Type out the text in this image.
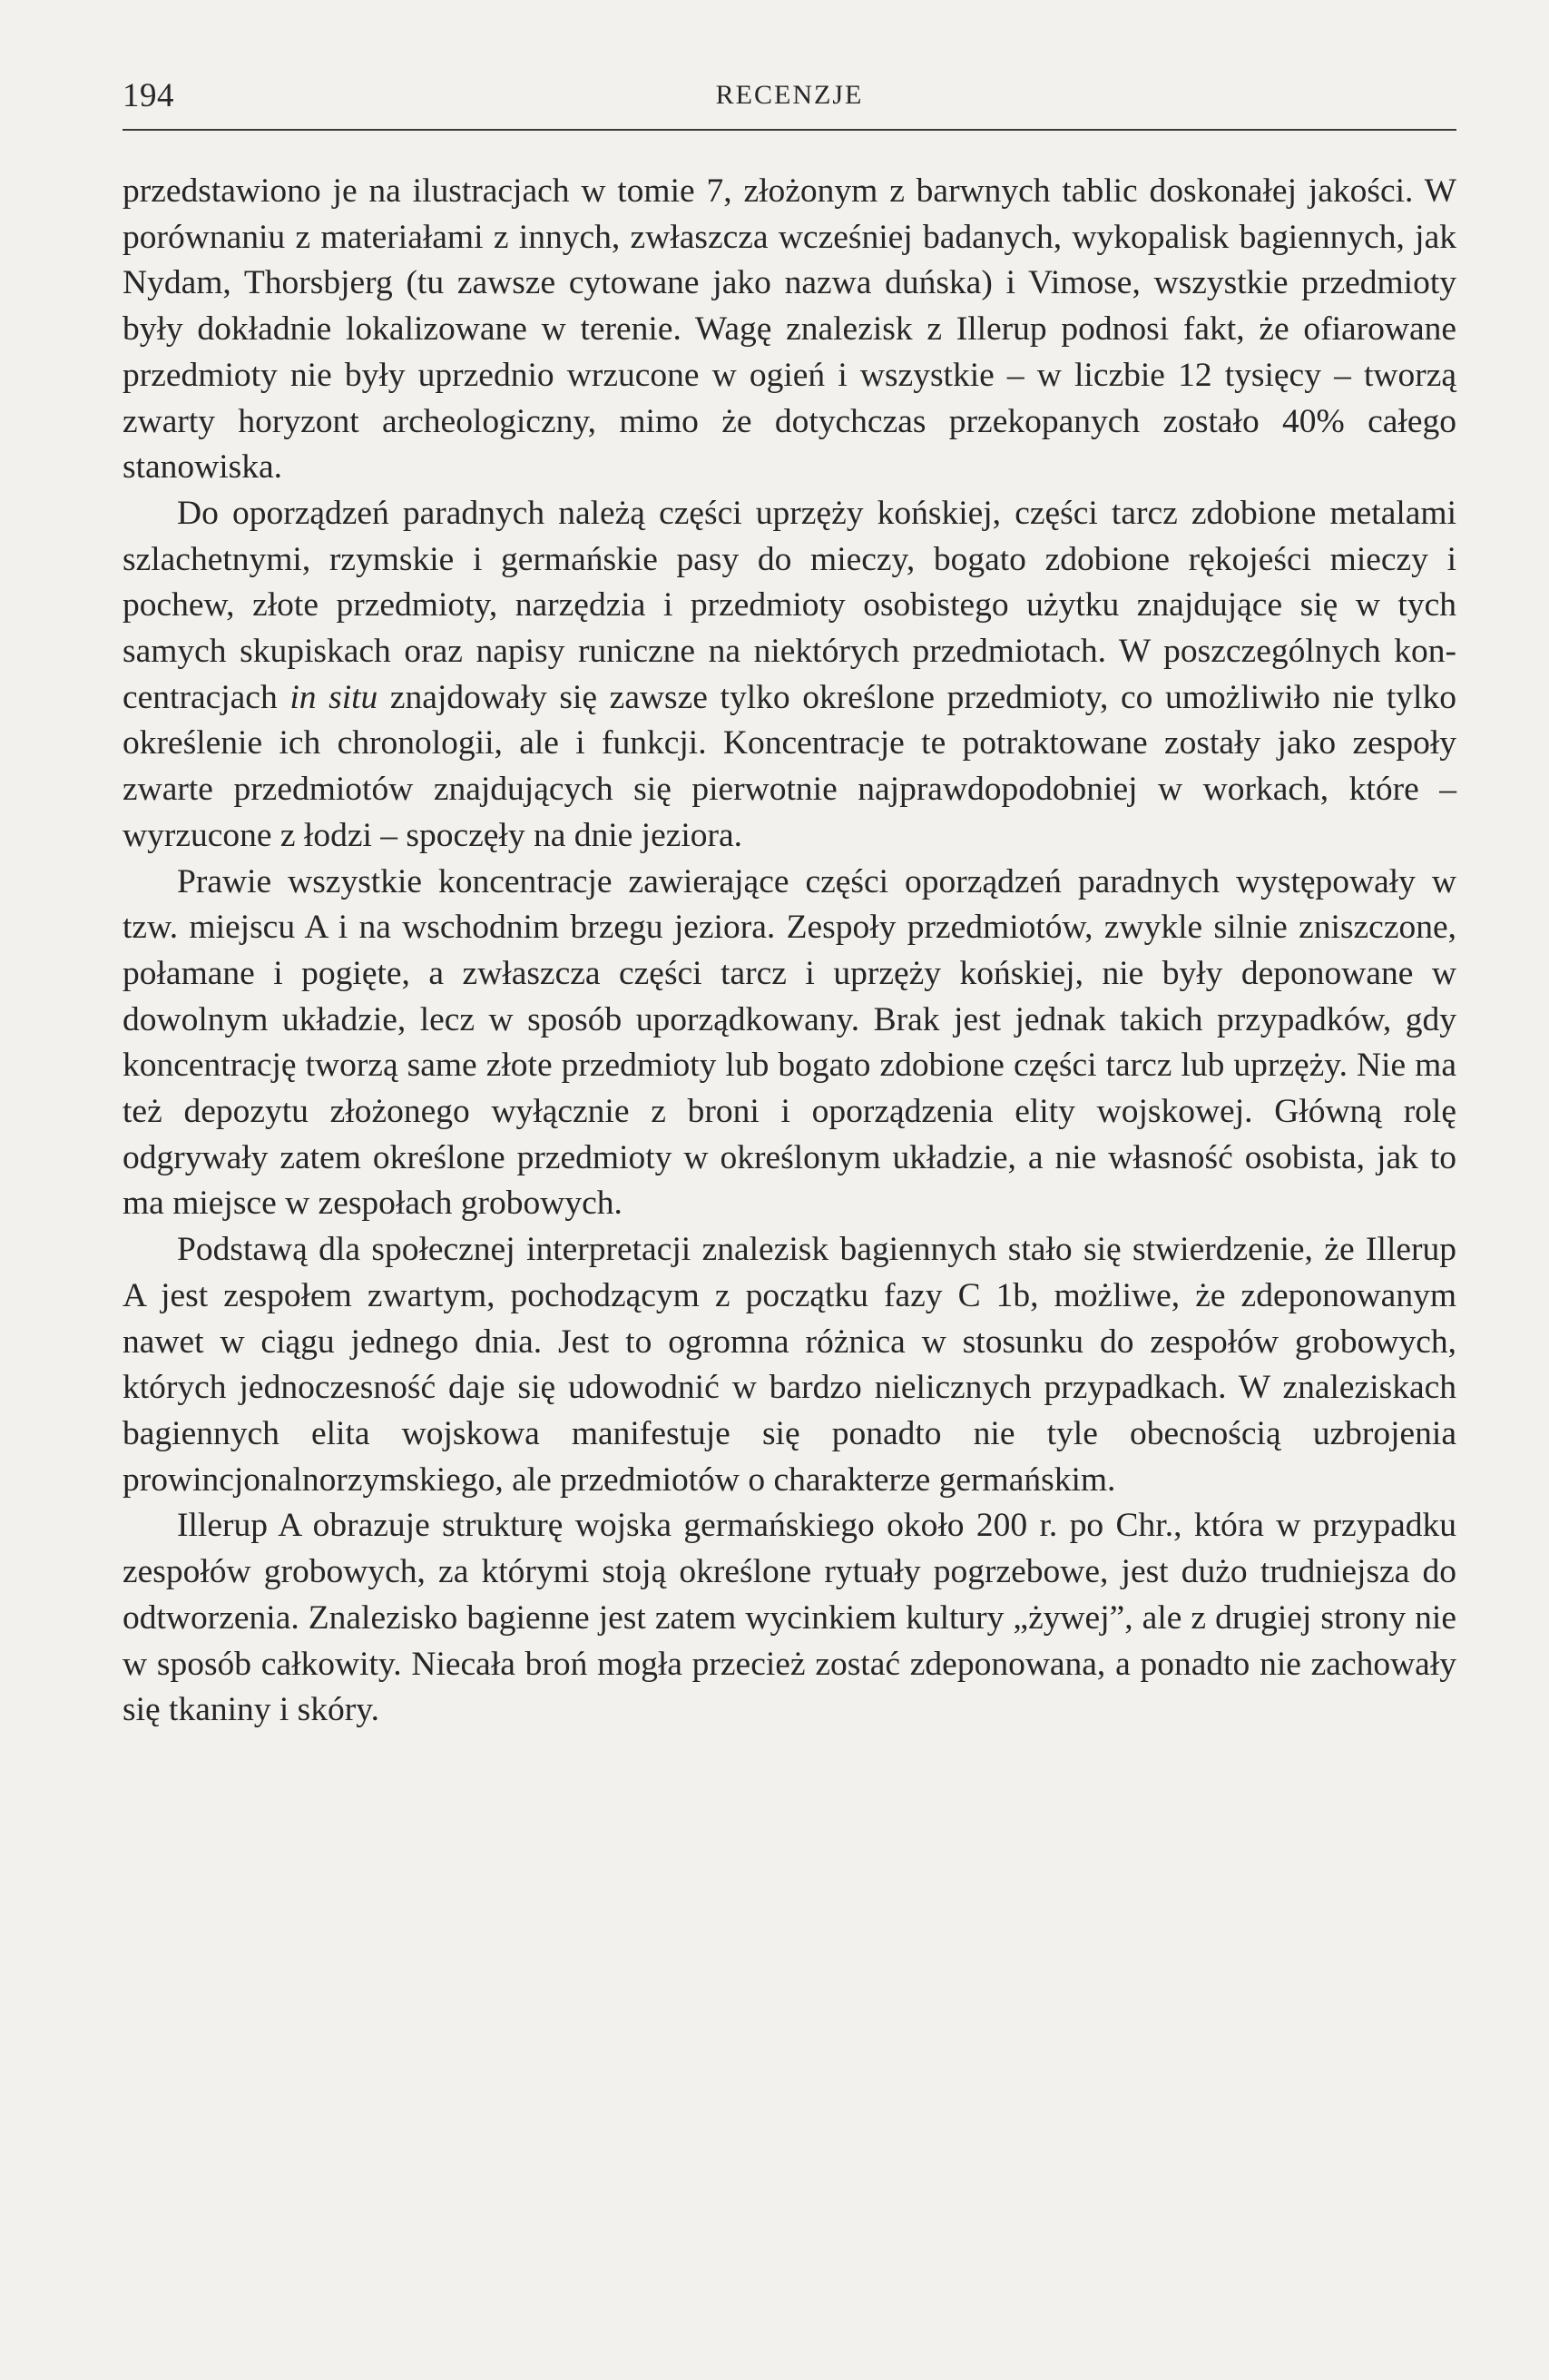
194	RECENZJE

przedstawiono je na ilustracjach w tomie 7, złożonym z barwnych tablic doskonałej jakości. W porównaniu z materiałami z innych, zwłaszcza wcześniej badanych, wykopalisk bagiennych, jak Nydam, Thorsbjerg (tu zawsze cytowane jako nazwa duńska) i Vimose, wszystkie przedmioty były dokładnie lokalizowane w terenie. Wagę znalezisk z Illerup podnosi fakt, że ofiarowane przedmioty nie były uprzednio wrzucone w ogień i wszystkie – w liczbie 12 tysięcy – tworzą zwarty horyzont archeologiczny, mimo że dotychczas przekopanych zostało 40% całego stanowiska.

Do oporządzeń paradnych należą części uprzęży końskiej, części tarcz zdobione metalami szlachetnymi, rzymskie i germańskie pasy do mieczy, bogato zdobione rękojeści mieczy i pochew, złote przedmioty, narzędzia i przedmioty osobistego użytku znajdujące się w tych samych skupiskach oraz napisy runiczne na niektórych przedmiotach. W poszczególnych koncentracjach in situ znajdowały się zawsze tylko określone przedmioty, co umożliwiło nie tylko określenie ich chronologii, ale i funkcji. Koncentracje te potraktowane zostały jako zespoły zwarte przedmiotów znajdujących się pierwotnie najprawdopodobniej w workach, które – wyrzucone z łodzi – spoczęły na dnie jeziora.

Prawie wszystkie koncentracje zawierające części oporządzeń paradnych występowały w tzw. miejscu A i na wschodnim brzegu jeziora. Zespoły przedmiotów, zwykle silnie zniszczone, połamane i pogięte, a zwłaszcza części tarcz i uprzęży końskiej, nie były deponowane w dowolnym układzie, lecz w sposób uporządkowany. Brak jest jednak takich przypadków, gdy koncentrację tworzą same złote przedmioty lub bogato zdobione części tarcz lub uprzęży. Nie ma też depozytu złożonego wyłącznie z broni i oporządzenia elity wojskowej. Główną rolę odgrywały zatem określone przedmioty w określonym układzie, a nie własność osobista, jak to ma miejsce w zespołach grobowych.

Podstawą dla społecznej interpretacji znalezisk bagiennych stało się stwierdzenie, że Illerup A jest zespołem zwartym, pochodzącym z początku fazy C 1b, możliwe, że zdeponowanym nawet w ciągu jednego dnia. Jest to ogromna różnica w stosunku do zespołów grobowych, których jednoczesność daje się udowodnić w bardzo nielicznych przypadkach. W znaleziskach bagiennych elita wojskowa manifestuje się ponadto nie tyle obecnością uzbrojenia prowincjonalnorzymskiego, ale przedmiotów o charakterze germańskim.

Illerup A obrazuje strukturę wojska germańskiego około 200 r. po Chr., która w przypadku zespołów grobowych, za którymi stoją określone rytuały pogrzebowe, jest dużo trudniejsza do odtworzenia. Znalezisko bagienne jest zatem wycinkiem kultury „żywej”, ale z drugiej strony nie w sposób całkowity. Niecała broń mogła przecież zostać zdeponowana, a ponadto nie zachowały się tkaniny i skóry.
